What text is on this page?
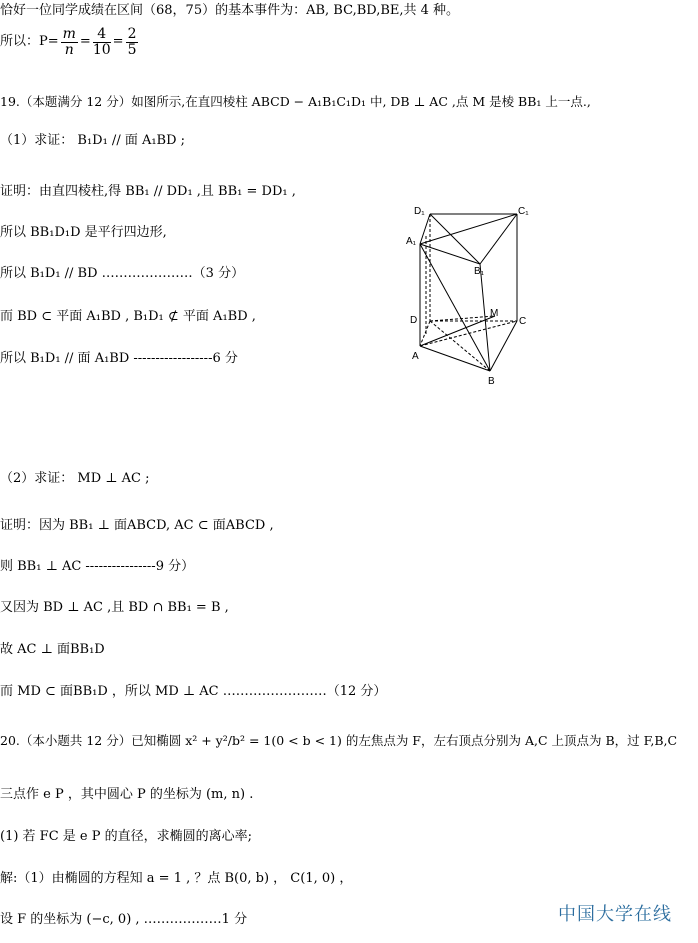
恰好一位同学成绩在区间（68，75）的基本事件为：AB, BC,BD,BE,共 4 种。
所以：$P= \frac{m}{n} = \frac{4}{10} = \frac{2}{5}$
19.（本题满分 12 分）如图所示,在直四棱柱 ABCD − A₁B₁C₁D₁ 中, DB ⊥ AC ,点 M 是棱 BB₁ 上一点.,
（1）求证： B₁D₁ // 面 A₁BD ;
证明：由直四棱柱,得 BB₁ // DD₁ ,且 BB₁ = DD₁ ,
所以 BB₁D₁D 是平行四边形,
所以 B₁D₁ // BD …………………（3 分）
而 BD ⊂ 平面 A₁BD , B₁D₁ ⊄ 平面 A₁BD ,
所以 B₁D₁ // 面 A₁BD ------------------6 分
D₁	C₁
A₁
B₁
D
M
C
A
B
（2）求证： MD ⊥ AC ;
证明：因为 BB₁ ⊥ 面ABCD, AC ⊂ 面ABCD ,
则 BB₁ ⊥ AC ----------------9 分）
又因为 BD ⊥ AC ,且 BD ∩ BB₁ = B ,
故 AC ⊥ 面BB₁D
而 MD ⊂ 面BB₁D ，所以 MD ⊥ AC ……………………（12 分）
20.（本小题共 12 分）已知椭圆 x² + y²/b² = 1(0 < b < 1) 的左焦点为 F，左右顶点分别为 A,C 上顶点为 B，过 F,B,C
三点作 e P ，其中圆心 P 的坐标为 (m, n) .
(1) 若 FC 是 e P 的直径，求椭圆的离心率;
解:（1）由椭圆的方程知 a = 1 , ？点 B(0, b) ， C(1, 0) ，
设 F 的坐标为 (−c, 0) , ………………1 分	中国大学在线
